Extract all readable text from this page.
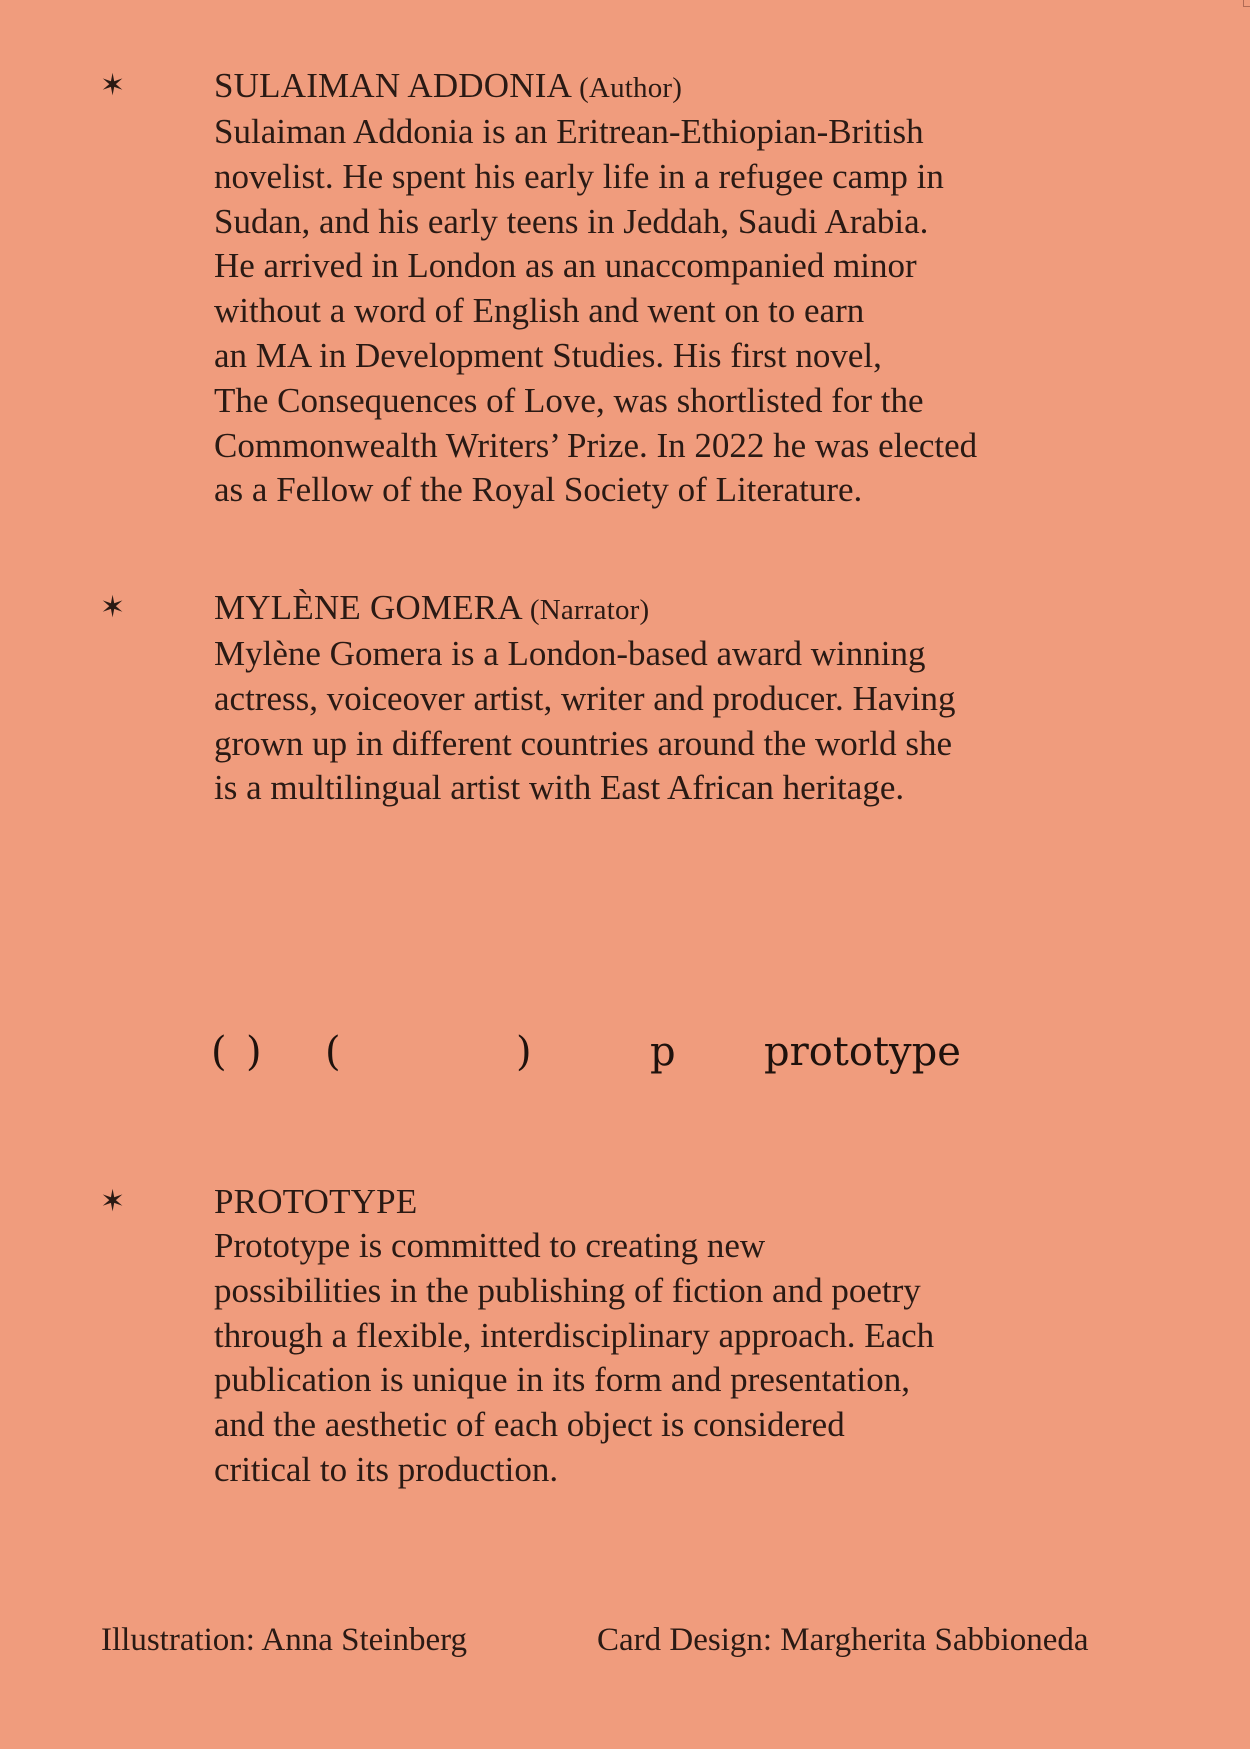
✶	SULAIMAN ADDONIA (Author)
Sulaiman Addonia is an Eritrean-Ethiopian-British
novelist. He spent his early life in a refugee camp in
Sudan, and his early teens in Jeddah, Saudi Arabia.
He arrived in London as an unaccompanied minor
without a word of English and went on to earn
an MA in Development Studies. His first novel,
The Consequences of Love, was shortlisted for the
Commonwealth Writers’ Prize. In 2022 he was elected
as a Fellow of the Royal Society of Literature.
✶	MYLÈNE GOMERA (Narrator)
Mylène Gomera is a London-based award winning
actress, voiceover artist, writer and producer. Having
grown up in different countries around the world she
is a multilingual artist with East African heritage.
( ) (	)	p prototype
✶	PROTOTYPE
Prototype is committed to creating new
possibilities in the publishing of fiction and poetry
through a flexible, interdisciplinary approach. Each
publication is unique in its form and presentation,
and the aesthetic of each object is considered
critical to its production.
Illustration: Anna Steinberg	Card Design: Margherita Sabbioneda
